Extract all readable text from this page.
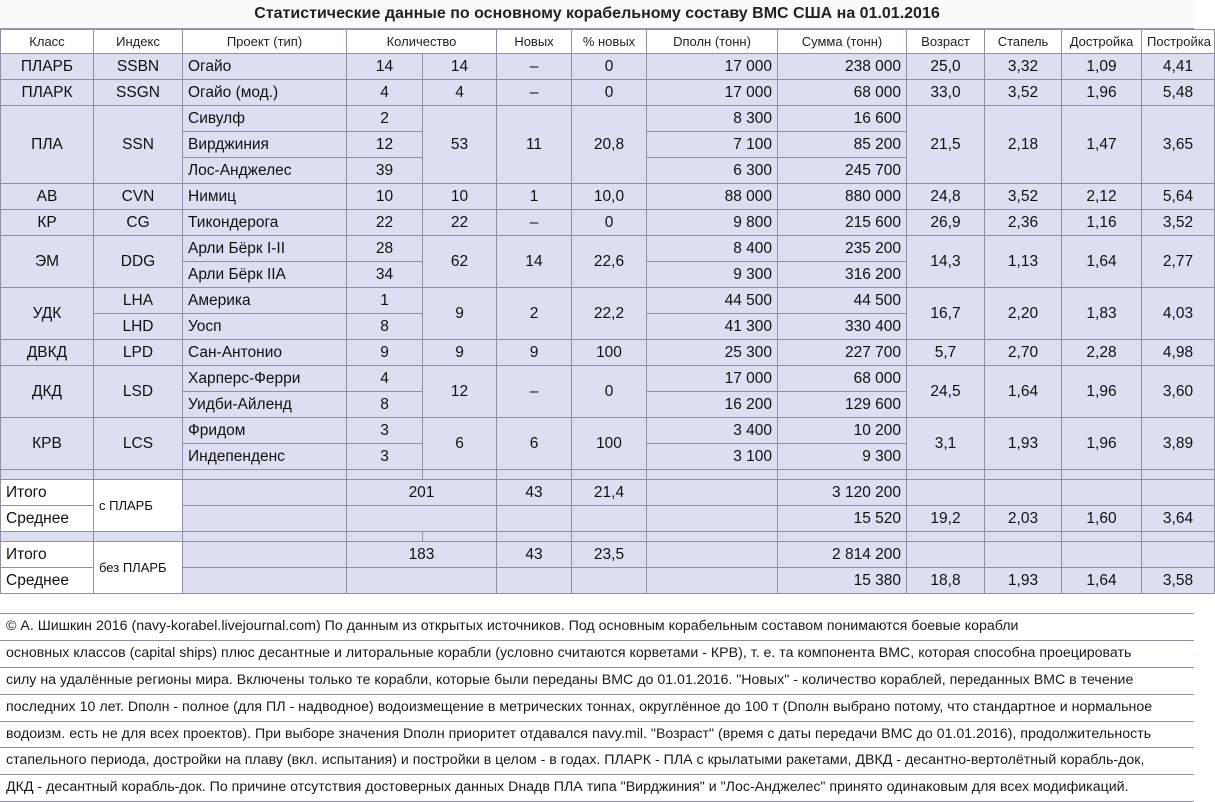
Статистические данные по основному корабельному составу ВМС США на 01.01.2016
Класс	Индекс	Проект (тип)	Количество		Новых	% новых	Dполн (тонн)	Сумма (тонн)	Возраст	Стапель	Достройка	Постройка
ПЛАРБ	SSBN	Огайо	14	14	–	0	17 000	238 000	25,0	3,32	1,09	4,41
ПЛАРК	SSGN	Огайо (мод.)	4	4	–	0	17 000	68 000	33,0	3,52	1,96	5,48
ПЛА	SSN	Сивулф	2	53	11	20,8	8 300	16 600	21,5	2,18	1,47	3,65
		Вирджиния	12				7 100	85 200				
		Лос-Анджелес	39				6 300	245 700				
АВ	CVN	Нимиц	10	10	1	10,0	88 000	880 000	24,8	3,52	2,12	5,64
КР	CG	Тикондерога	22	22	–	0	9 800	215 600	26,9	2,36	1,16	3,52
ЭМ	DDG	Арли Бёрк I-II	28	62	14	22,6	8 400	235 200	14,3	1,13	1,64	2,77
		Арли Бёрк IIA	34				9 300	316 200				
УДК	LHA	Америка	1	9	2	22,2	44 500	44 500	16,7	2,20	1,83	4,03
	LHD	Уосп	8				41 300	330 400				
ДВКД	LPD	Сан-Антонио	9	9	9	100	25 300	227 700	5,7	2,70	2,28	4,98
ДКД	LSD	Харперс-Ферри	4	12	–	0	17 000	68 000	24,5	1,64	1,96	3,60
		Уидби-Айленд	8				16 200	129 600				
КРВ	LCS	Фридом	3	6	6	100	3 400	10 200	3,1	1,93	1,96	3,89
		Индепенденс	3				3 100	9 300				

Итого	с ПЛАРБ		201		43	21,4		3 120 200				
Среднее								15 520	19,2	2,03	1,60	3,64

Итого	без ПЛАРБ		183		43	23,5		2 814 200				
Среднее								15 380	18,8	1,93	1,64	3,58
© А. Шишкин 2016 (navy-korabel.livejournal.com) По данным из открытых источников. Под основным корабельным составом понимаются боевые корабли
основных классов (capital ships) плюс десантные и литоральные корабли (условно считаются корветами - КРВ), т. е. та компонента ВМС, которая способна проецировать
силу на удалённые регионы мира. Включены только те корабли, которые были переданы ВМС до 01.01.2016. "Новых" - количество кораблей, переданных ВМС в течение
последних 10 лет. Dполн - полное (для ПЛ - надводное) водоизмещение в метрических тоннах, округлённое до 100 т (Dполн выбрано потому, что стандартное и нормальное
водоизм. есть не для всех проектов). При выборе значения Dполн приоритет отдавался navy.mil. "Возраст" (время с даты передачи ВМС до 01.01.2016), продолжительность
стапельного периода, достройки на плаву (вкл. испытания) и постройки в целом - в годах. ПЛАРК - ПЛА с крылатыми ракетами, ДВКД - десантно-вертолётный корабль-док,
ДКД - десантный корабль-док. По причине отсутствия достоверных данных Dнадв ПЛА типа "Вирджиния" и "Лос-Анджелес" принято одинаковым для всех модификаций.
